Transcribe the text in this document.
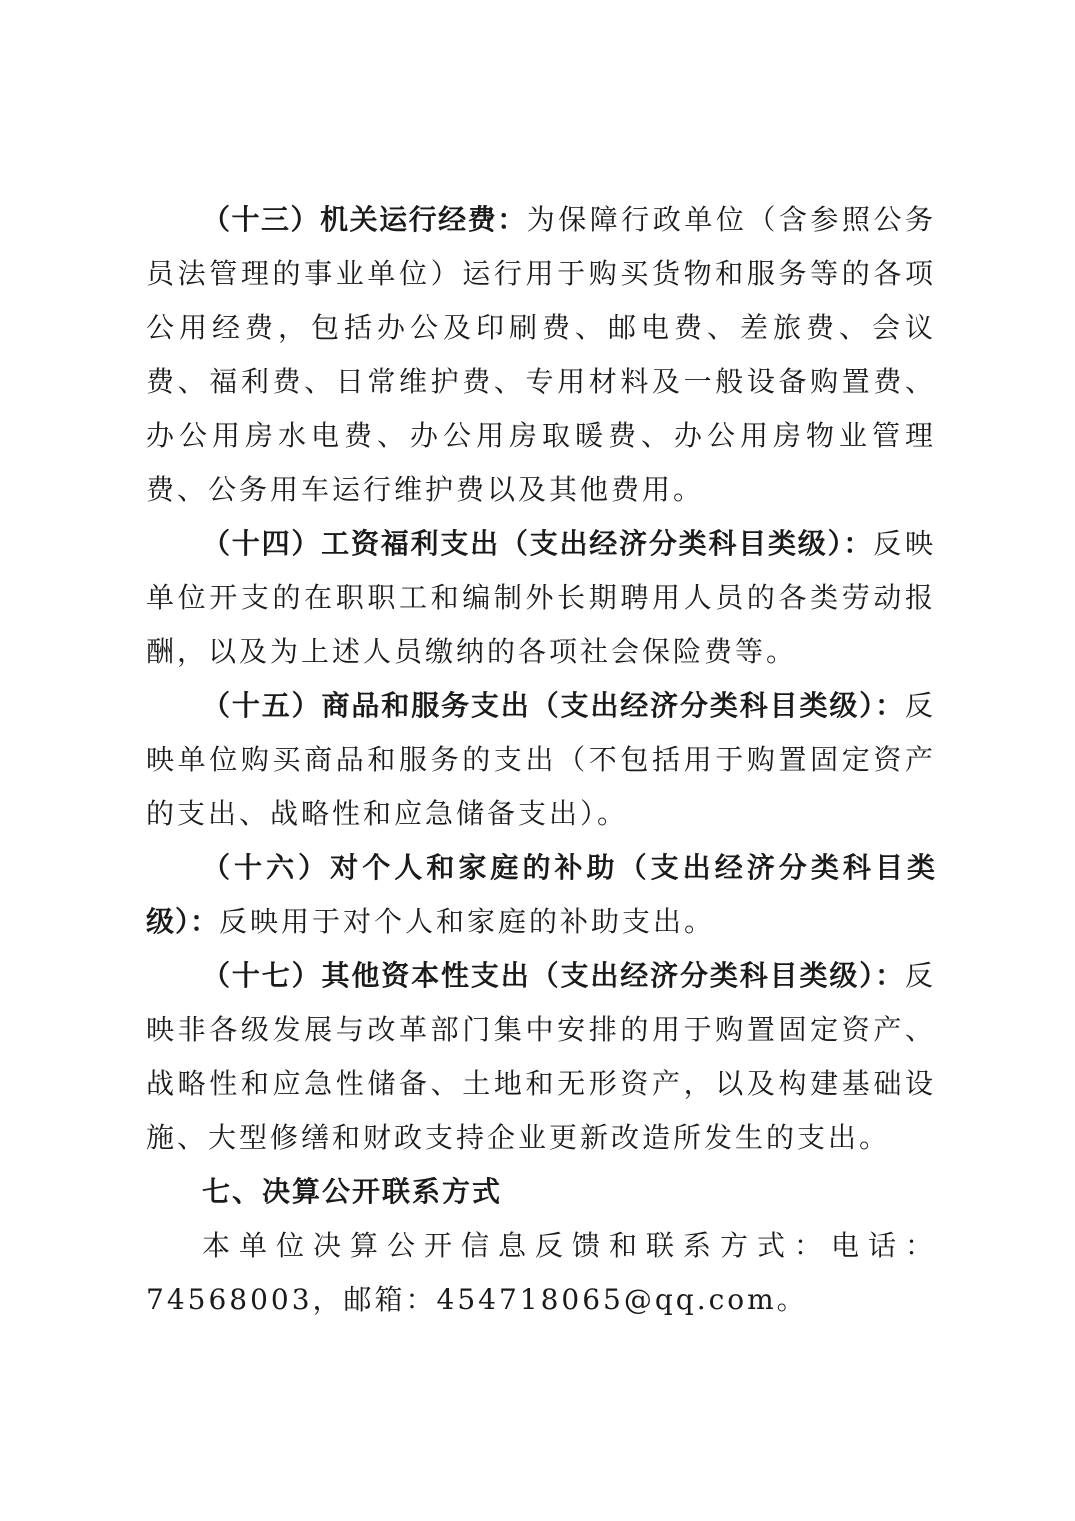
（十三）机关运行经费：为保障行政单位（含参照公务员法管理的事业单位）运行用于购买货物和服务等的各项公用经费，包括办公及印刷费、邮电费、差旅费、会议费、福利费、日常维护费、专用材料及一般设备购置费、办公用房水电费、办公用房取暖费、办公用房物业管理费、公务用车运行维护费以及其他费用。

（十四）工资福利支出（支出经济分类科目类级）：反映单位开支的在职职工和编制外长期聘用人员的各类劳动报酬，以及为上述人员缴纳的各项社会保险费等。

（十五）商品和服务支出（支出经济分类科目类级）：反映单位购买商品和服务的支出（不包括用于购置固定资产的支出、战略性和应急储备支出）。

（十六）对个人和家庭的补助（支出经济分类科目类级）：反映用于对个人和家庭的补助支出。

（十七）其他资本性支出（支出经济分类科目类级）：反映非各级发展与改革部门集中安排的用于购置固定资产、战略性和应急性储备、土地和无形资产，以及构建基础设施、大型修缮和财政支持企业更新改造所发生的支出。

七、决算公开联系方式

本单位决算公开信息反馈和联系方式：电话：74568003，邮箱：454718065@qq.com。
